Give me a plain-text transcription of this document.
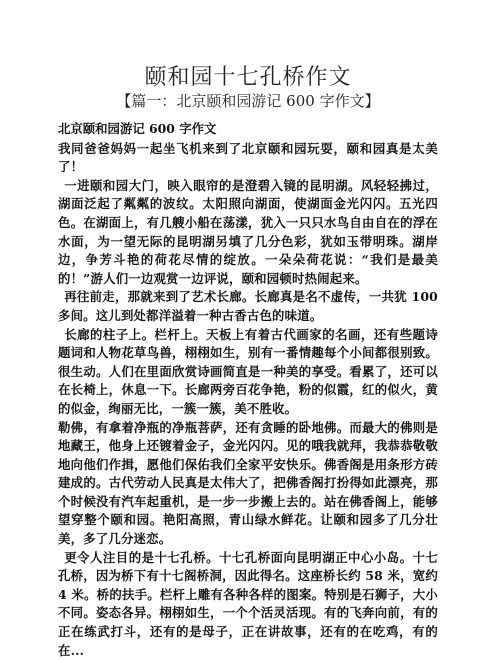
颐和园十七孔桥作文
【篇一：北京颐和园游记 600 字作文】
北京颐和园游记 600 字作文

我同爸爸妈妈一起坐飞机来到了北京颐和园玩耍，颐和园真是太美了！

一进颐和园大门，映入眼帘的是澄碧入镜的昆明湖。风轻轻拂过，湖面泛起了粼粼的波纹。太阳照向湖面，使湖面金光闪闪。五光四色。在湖面上，有几艘小船在荡漾，犹入一只只水鸟自由自在的浮在水面，为一望无际的昆明湖另填了几分色彩，犹如玉带明珠。湖岸边，争芳斗艳的荷花尽情的绽放。一朵朵荷花说：“我们是最美的！”游人们一边观赏一边评说，颐和园顿时热闹起来。

再往前走，那就来到了艺术长廊。长廊真是名不虚传，一共犹 100 多间。这儿到处都洋溢着一种古香古色的味道。

长廊的柱子上。栏杆上。天板上有着古代画家的名画，还有些题诗题词和人物花草鸟兽，栩栩如生，别有一番情趣每个小间都很别致。很生动。人们在里面欣赏诗画简直是一种美的享受。看累了，还可以在长椅上，休息一下。长廊两旁百花争艳，粉的似霞，红的似火，黄的似金，绚丽无比，一簇一簇，美不胜收。

勒佛，有拿着净瓶的净瓶菩萨，还有贪睡的卧地佛。而最大的佛则是地藏王，他身上还镀着金子，金光闪闪。见的哦我就拜，我恭恭敬敬地向他们作揖，愿他们保佑我们全家平安快乐。佛香阁是用条形方砖建成的。古代劳动人民真是太伟大了，把佛香阁打扮得如此漂亮，那个时候没有汽车起重机，是一步一步搬上去的。站在佛香阁上，能够望穿整个颐和园。艳阳高照，青山绿水鲜花。让颐和园多了几分壮美，多了几分迷恋。

更令人注目的是十七孔桥。十七孔桥面向昆明湖正中心小岛。十七孔桥，因为桥下有十七阁桥洞，因此得名。这座桥长约 58 米，宽约 4 米。桥的扶手。栏杆上雕有各种各样的图案。特别是石狮子，大小不同。姿态各异。栩栩如生，一个个活灵活现。有的飞奔向前，有的正在练武打斗，还有的是母子，正在讲故事，还有的在吃鸡，有的在...
